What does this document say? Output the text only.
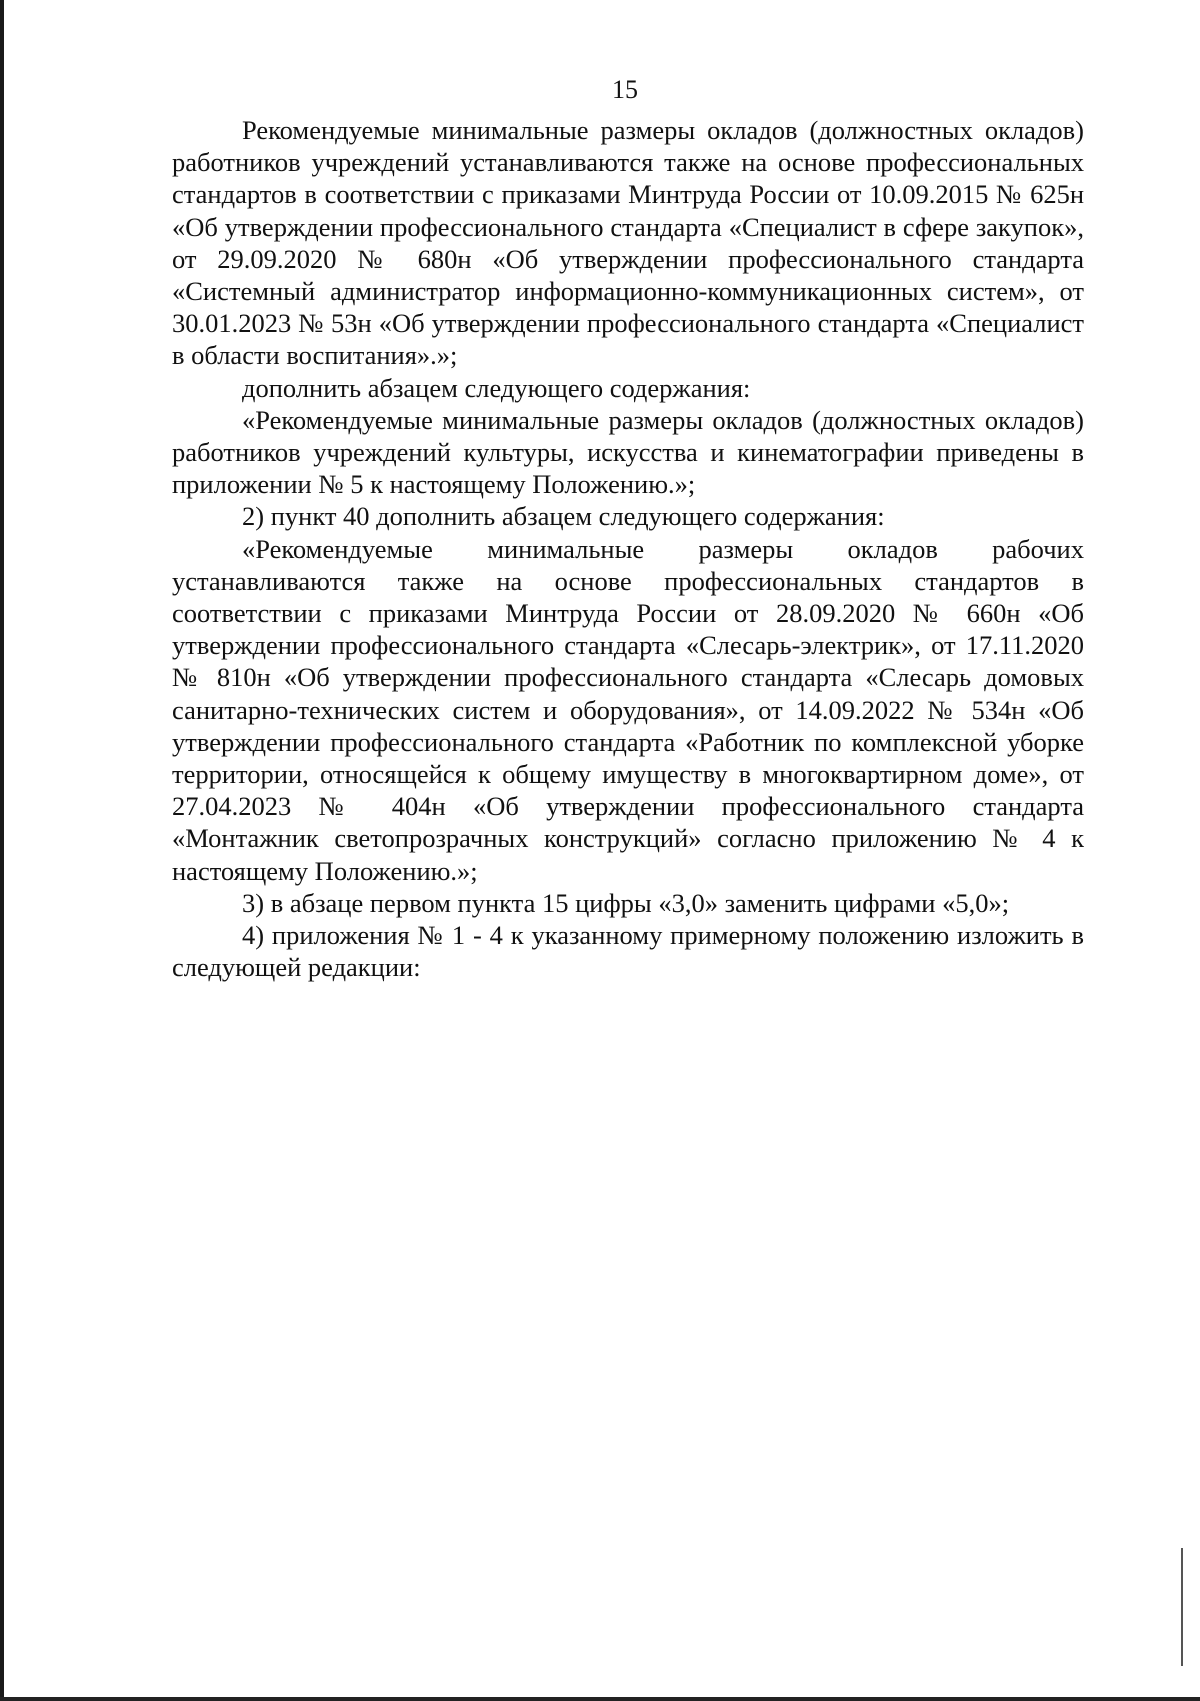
15

Рекомендуемые минимальные размеры окладов (должностных окладов) работников учреждений устанавливаются также на основе профессиональных стандартов в соответствии с приказами Минтруда России от 10.09.2015 № 625н «Об утверждении профессионального стандарта «Специалист в сфере закупок», от 29.09.2020 № 680н «Об утверждении профессионального стандарта «Системный администратор информационно-коммуникационных систем», от 30.01.2023 № 53н «Об утверждении профессионального стандарта «Специалист в области воспитания».»;

дополнить абзацем следующего содержания:

«Рекомендуемые минимальные размеры окладов (должностных окладов) работников учреждений культуры, искусства и кинематографии приведены в приложении № 5 к настоящему Положению.»;

2) пункт 40 дополнить абзацем следующего содержания:

«Рекомендуемые минимальные размеры окладов рабочих устанавливаются также на основе профессиональных стандартов в соответствии с приказами Минтруда России от 28.09.2020 № 660н «Об утверждении профессионального стандарта «Слесарь-электрик», от 17.11.2020 № 810н «Об утверждении профессионального стандарта «Слесарь домовых санитарно-технических систем и оборудования», от 14.09.2022 № 534н «Об утверждении профессионального стандарта «Работник по комплексной уборке территории, относящейся к общему имуществу в многоквартирном доме», от 27.04.2023 № 404н «Об утверждении профессионального стандарта «Монтажник светопрозрачных конструкций» согласно приложению № 4 к настоящему Положению.»;

3) в абзаце первом пункта 15 цифры «3,0» заменить цифрами «5,0»;

4) приложения № 1 - 4 к указанному примерному положению изложить в следующей редакции:
